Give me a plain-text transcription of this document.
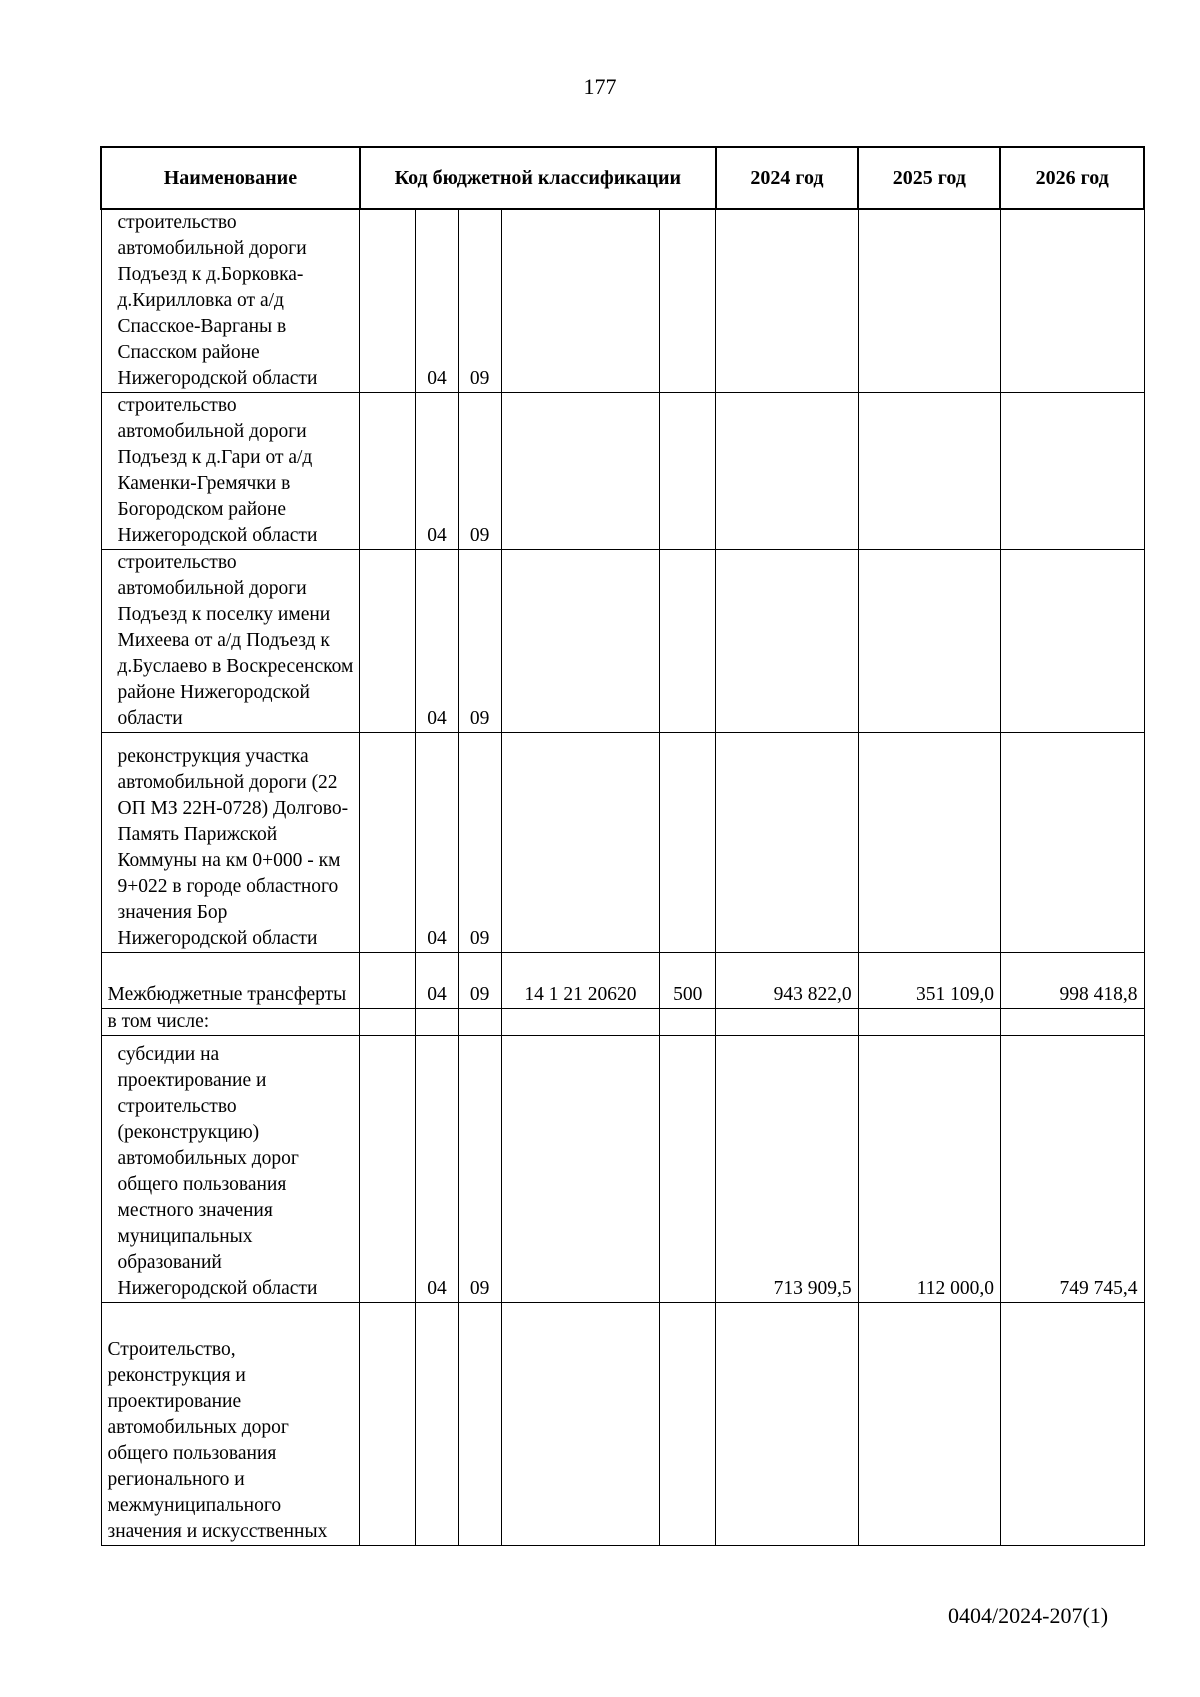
177
Наименование	Код бюджетной классификации					2024 год	2025 год	2026 год
строительство автомобильной дороги Подъезд к д.Борковка-д.Кирилловка от а/д Спасское-Варганы в Спасском районе Нижегородской области		04	09					
строительство автомобильной дороги Подъезд к д.Гари от а/д Каменки-Гремячки в Богородском районе Нижегородской области		04	09					
строительство автомобильной дороги Подъезд к поселку имени Михеева от а/д Подъезд к д.Буслаево в Воскресенском районе Нижегородской области		04	09					
реконструкция участка автомобильной дороги (22 ОП МЗ 22Н-0728) Долгово-Память Парижской Коммуны на км 0+000 - км 9+022 в городе областного значения Бор Нижегородской области		04	09					
Межбюджетные трансферты		04	09	14 1 21 20620	500	943 822,0	351 109,0	998 418,8
в том числе:								
субсидии на проектирование и строительство (реконструкцию) автомобильных дорог общего пользования местного значения муниципальных образований Нижегородской области		04	09			713 909,5	112 000,0	749 745,4
Строительство, реконструкция и проектирование автомобильных дорог общего пользования регионального и межмуниципального значения и искусственных								
0404/2024-207(1)
